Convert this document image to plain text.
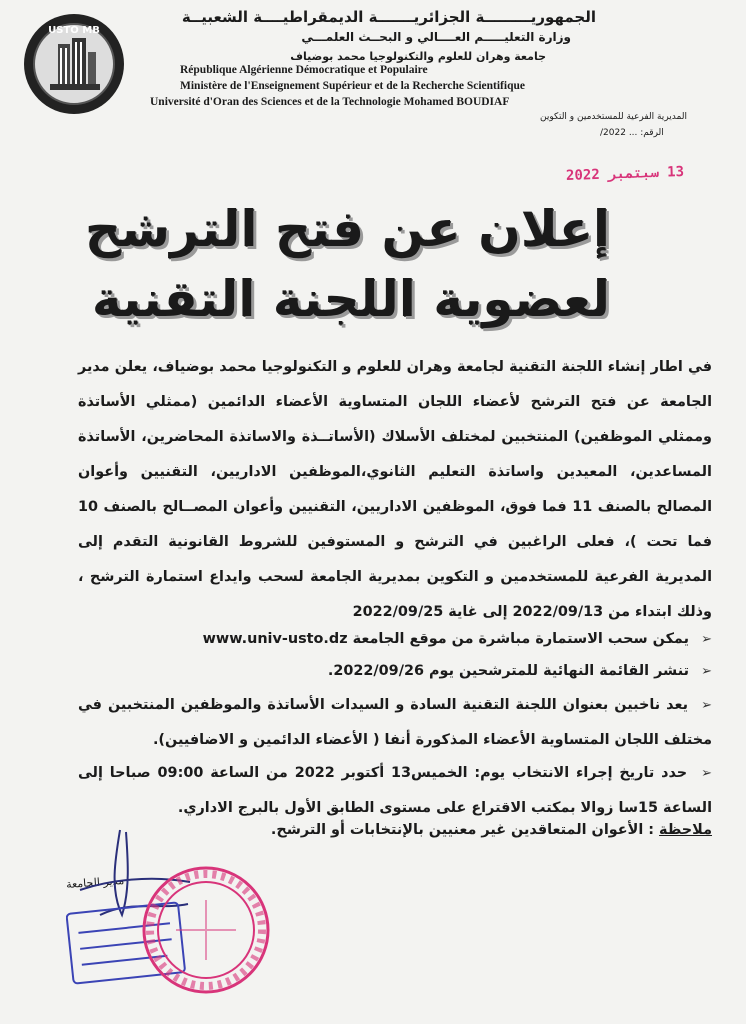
USTO MB
الجمهوريـــــــــة الجزائريـــــــة الديمقراطيــــة الشعبيــة
وزارة التعليـــــم العــــالي و البحــث العلمـــي
جامعة وهران للعلوم والتكنولوجيا محمد بوضياف
République Algérienne Démocratique et Populaire
Ministère de l'Enseignement Supérieur et de la Recherche Scientifique
Université d'Oran des Sciences et de la Technologie Mohamed BOUDIAF
المديرية الفرعية للمستخدمين و التكوين
الرقم: ... 2022/
13 سبتمبر 2022
إعلان عن فتح الترشح
لعضوية اللجنة التقنية
في اطار إنشاء اللجنة التقنية لجامعة وهران للعلوم و التكنولوجيا محمد بوضياف، يعلن مدير الجامعة عن فتح الترشح لأعضاء اللجان المتساوية الأعضاء الدائمين (ممثلي الأساتذة وممثلي الموظفين) المنتخبين لمختلف الأسلاك (الأساتــذة والاساتذة المحاضرين، الأساتذة المساعدين، المعيدين واساتذة التعليم الثانوي،الموظفين الاداريين، التقنيين وأعوان المصالح بالصنف 11 فما فوق، الموظفين الاداريين، التقنيين وأعوان المصــالح بالصنف 10 فما تحت )، فعلى الراغبين في الترشح و المستوفين للشروط القانونية التقدم إلى المديرية الفرعية للمستخدمين و التكوين بمديرية الجامعة لسحب وايداع استمارة الترشح ، وذلك ابتداء من 2022/09/13 إلى غاية 2022/09/25
➢ يمكن سحب الاستمارة مباشرة من موقع الجامعة www.univ-usto.dz
➢ تنشر القائمة النهائية للمترشحين يوم 2022/09/26.
➢ يعد ناخبين بعنوان اللجنة التقنية السادة و السيدات الأساتذة والموظفين المنتخبين في مختلف اللجان المتساوية الأعضاء المذكورة أنفا ( الأعضاء الدائمين و الاضافيين).
➢ حدد تاريخ إجراء الانتخاب يوم: الخميس13 أكتوبر 2022 من الساعة 09:00 صباحا إلى الساعة 15سا زوالا بمكتب الاقتراع على مستوى الطابق الأول بالبرج الاداري.
ملاحظة : الأعوان المتعاقدين غير معنيين بالإنتخابات أو الترشح.
مدير الجامعة
